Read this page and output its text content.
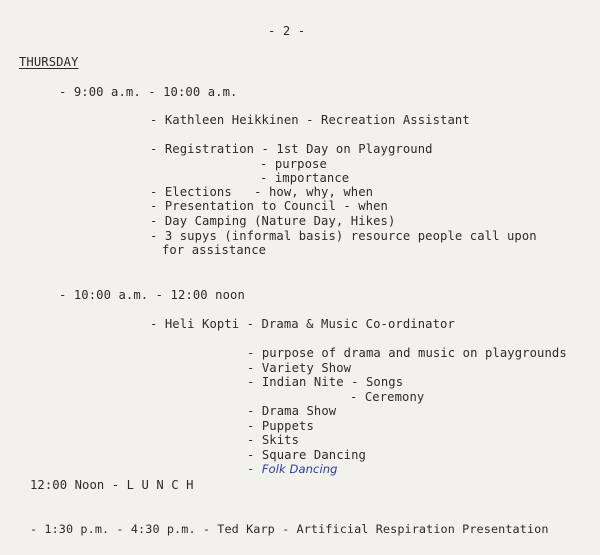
- 2 -
THURSDAY
- 9:00 a.m. - 10:00 a.m.
- Kathleen Heikkinen - Recreation Assistant
- Registration - 1st Day on Playground
- purpose
- importance
- Elections   - how, why, when
- Presentation to Council - when
- Day Camping (Nature Day, Hikes)
- 3 supys (informal basis) resource people call upon
for assistance
- 10:00 a.m. - 12:00 noon
- Heli Kopti - Drama & Music Co-ordinator
- purpose of drama and music on playgrounds
- Variety Show
- Indian Nite - Songs
- Ceremony
- Drama Show
- Puppets
- Skits
- Square Dancing
- Folk Dancing
12:00 Noon - L U N C H
- 1:30 p.m. - 4:30 p.m. - Ted Karp - Artificial Respiration Presentation
